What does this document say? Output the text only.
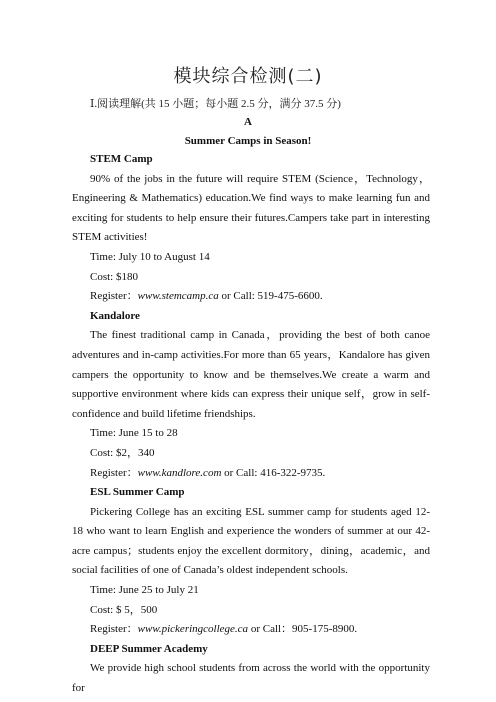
模块综合检测(二)
Ⅰ.阅读理解(共 15 小题；每小题 2.5 分，满分 37.5 分)
A
Summer Camps in Season!

STEM Camp

90% of the jobs in the future will require STEM (Science，Technology，Engineering & Mathematics) education.We find ways to make learning fun and exciting for students to help ensure their futures.Campers take part in interesting STEM activities!

Time: July 10 to August 14

Cost: $180

Register：www.stemcamp.ca or Call: 519-475-6600.

Kandalore

The finest traditional camp in Canada，providing the best of both canoe adventures and in-camp activities.For more than 65 years，Kandalore has given campers the opportunity to know and be themselves.We create a warm and supportive environment where kids can express their unique self，grow in self-confidence and build lifetime friendships.

Time: June 15 to 28

Cost: $2，340

Register：www.kandlore.com or Call: 416-322-9735.

ESL Summer Camp

Pickering College has an exciting ESL summer camp for students aged 12-18 who want to learn English and experience the wonders of summer at our 42-acre campus；students enjoy the excellent dormitory，dining，academic，and social facilities of one of Canada’s oldest independent schools.

Time: June 25 to July 21

Cost: $ 5，500

Register：www.pickeringcollege.ca or Call：905-175-8900.

DEEP Summer Academy

We provide high school students from across the world with the opportunity for
